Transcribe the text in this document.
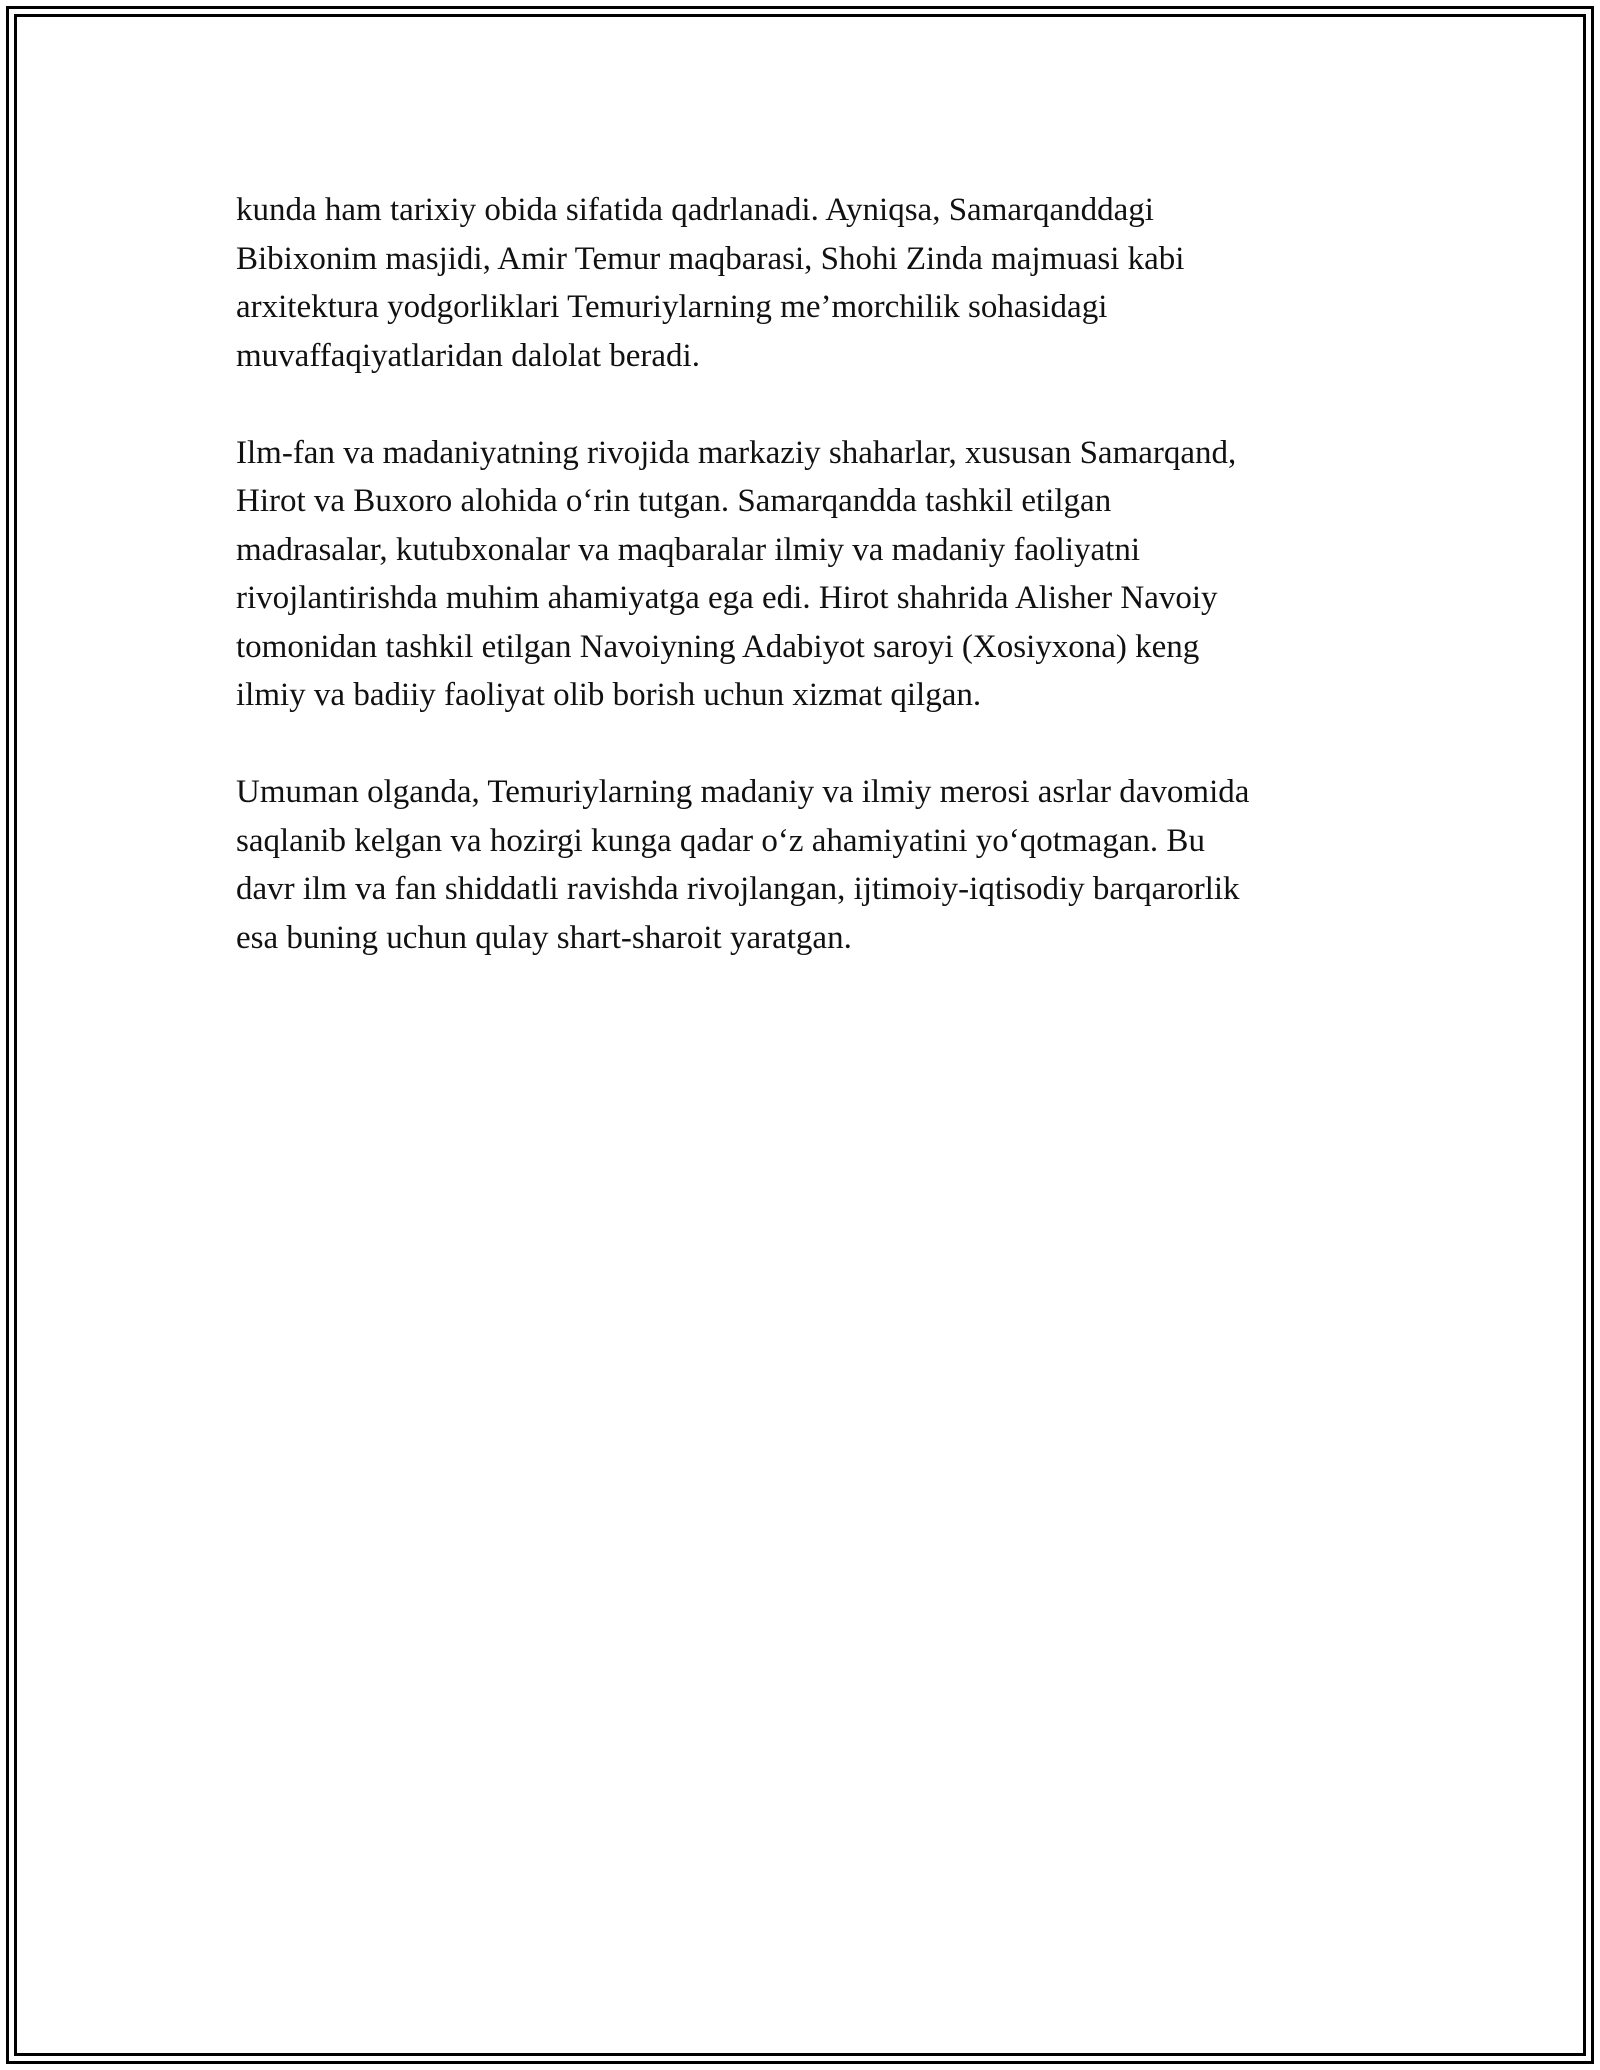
kunda ham tarixiy obida sifatida qadrlanadi. Ayniqsa, Samarqanddagi
Bibixonim masjidi, Amir Temur maqbarasi, Shohi Zinda majmuasi kabi
arxitektura yodgorliklari Temuriylarning me’morchilik sohasidagi
muvaffaqiyatlaridan dalolat beradi.

Ilm-fan va madaniyatning rivojida markaziy shaharlar, xususan Samarqand,
Hirot va Buxoro alohida o‘rin tutgan. Samarqandda tashkil etilgan
madrasalar, kutubxonalar va maqbaralar ilmiy va madaniy faoliyatni
rivojlantirishda muhim ahamiyatga ega edi. Hirot shahrida Alisher Navoiy
tomonidan tashkil etilgan Navoiyning Adabiyot saroyi (Xosiyxona) keng
ilmiy va badiiy faoliyat olib borish uchun xizmat qilgan.

Umuman olganda, Temuriylarning madaniy va ilmiy merosi asrlar davomida
saqlanib kelgan va hozirgi kunga qadar o‘z ahamiyatini yo‘qotmagan. Bu
davr ilm va fan shiddatli ravishda rivojlangan, ijtimoiy-iqtisodiy barqarorlik
esa buning uchun qulay shart-sharoit yaratgan.
